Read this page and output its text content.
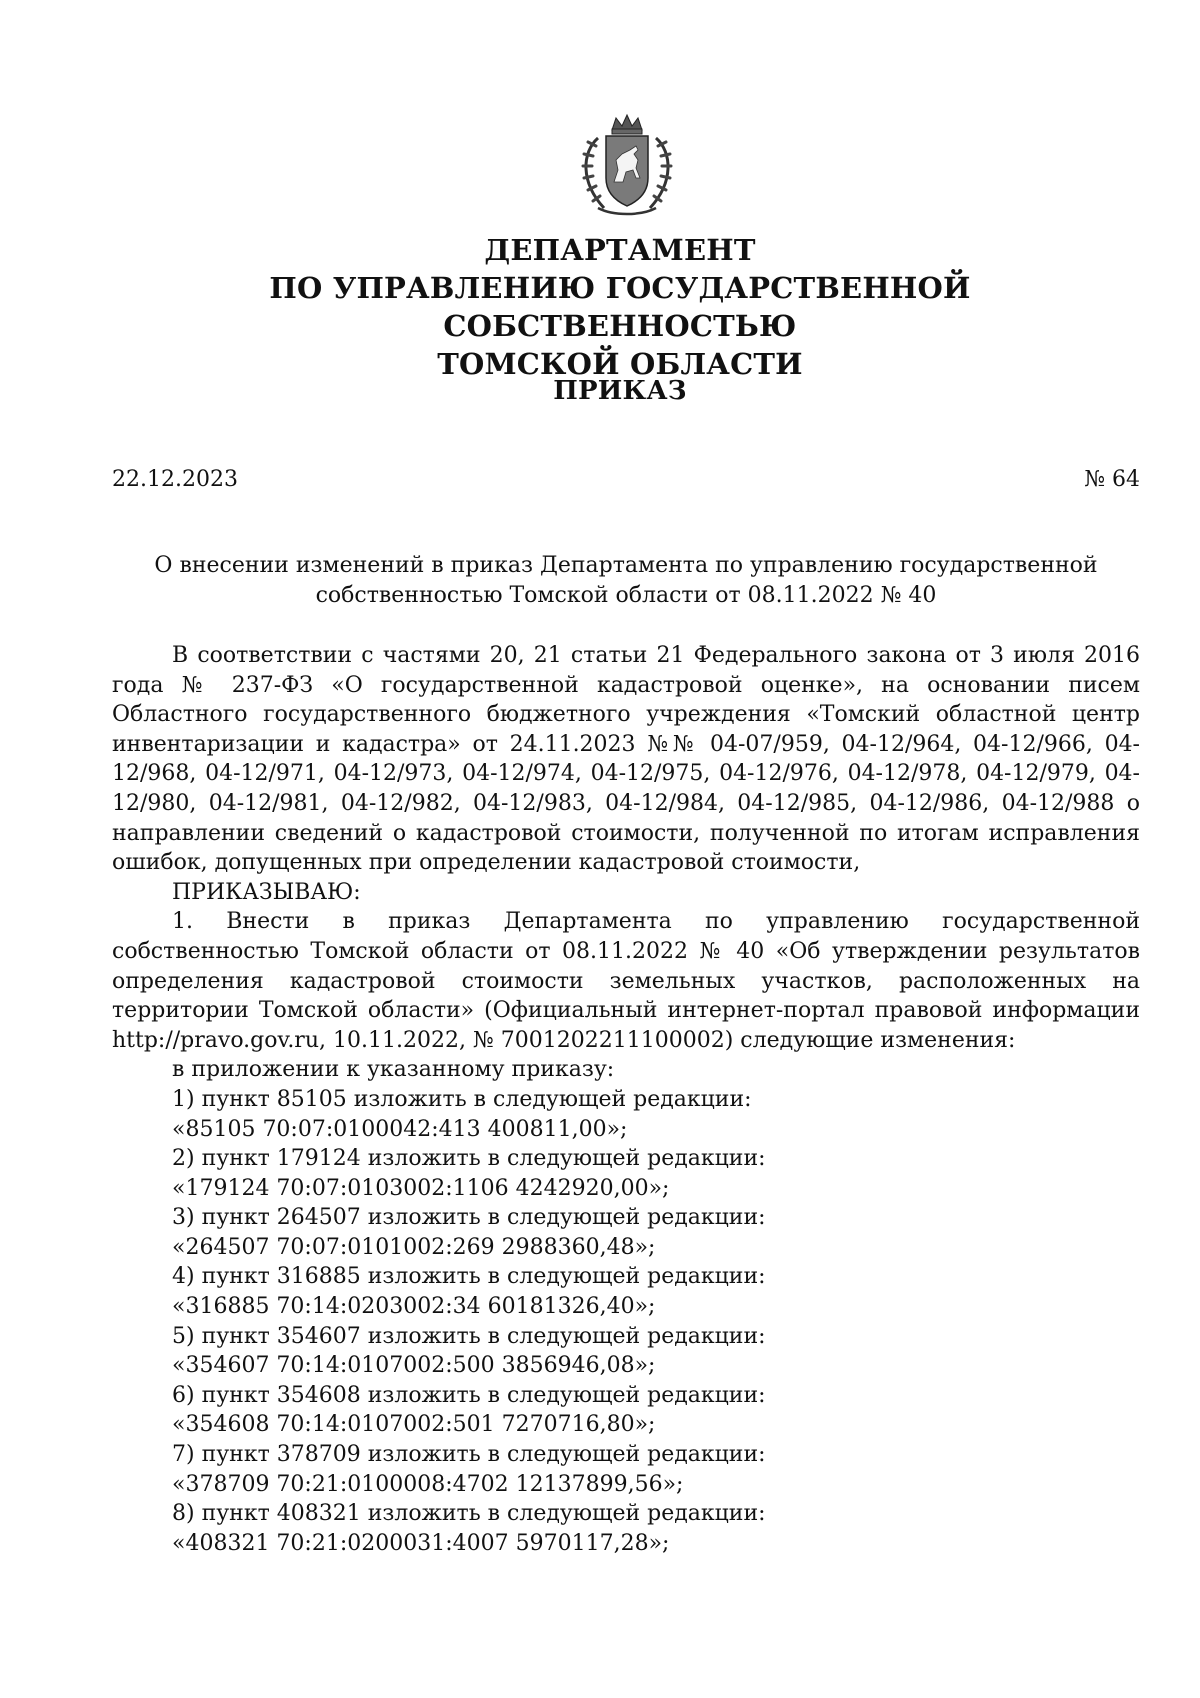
ДЕПАРТАМЕНТ
ПО УПРАВЛЕНИЮ ГОСУДАРСТВЕННОЙ СОБСТВЕННОСТЬЮ
ТОМСКОЙ ОБЛАСТИ
ПРИКАЗ
22.12.2023	№ 64
О внесении изменений в приказ Департамента по управлению государственной
собственностью Томской области от 08.11.2022 № 40

В соответствии с частями 20, 21 статьи 21 Федерального закона от 3 июля 2016 года № 237-ФЗ «О государственной кадастровой оценке», на основании писем Областного государственного бюджетного учреждения «Томский областной центр инвентаризации и кадастра» от 24.11.2023 №№ 04-07/959, 04-12/964, 04-12/966, 04-12/968, 04-12/971, 04-12/973, 04-12/974, 04-12/975, 04-12/976, 04-12/978, 04-12/979, 04-12/980, 04-12/981, 04-12/982, 04-12/983, 04-12/984, 04-12/985, 04-12/986, 04-12/988 о направлении сведений о кадастровой стоимости, полученной по итогам исправления ошибок, допущенных при определении кадастровой стоимости,

ПРИКАЗЫВАЮ:

1. Внести в приказ Департамента по управлению государственной собственностью Томской области от 08.11.2022 № 40 «Об утверждении результатов определения кадастровой стоимости земельных участков, расположенных на территории Томской области» (Официальный интернет-портал правовой информации http://pravo.gov.ru, 10.11.2022, № 7001202211100002) следующие изменения:

в приложении к указанному приказу:

1) пункт 85105 изложить в следующей редакции:

«85105 70:07:0100042:413 400811,00»;

2) пункт 179124 изложить в следующей редакции:

«179124 70:07:0103002:1106 4242920,00»;

3) пункт 264507 изложить в следующей редакции:

«264507 70:07:0101002:269 2988360,48»;

4) пункт 316885 изложить в следующей редакции:

«316885 70:14:0203002:34 60181326,40»;

5) пункт 354607 изложить в следующей редакции:

«354607 70:14:0107002:500 3856946,08»;

6) пункт 354608 изложить в следующей редакции:

«354608 70:14:0107002:501 7270716,80»;

7) пункт 378709 изложить в следующей редакции:

«378709 70:21:0100008:4702 12137899,56»;

8) пункт 408321 изложить в следующей редакции:

«408321 70:21:0200031:4007 5970117,28»;
